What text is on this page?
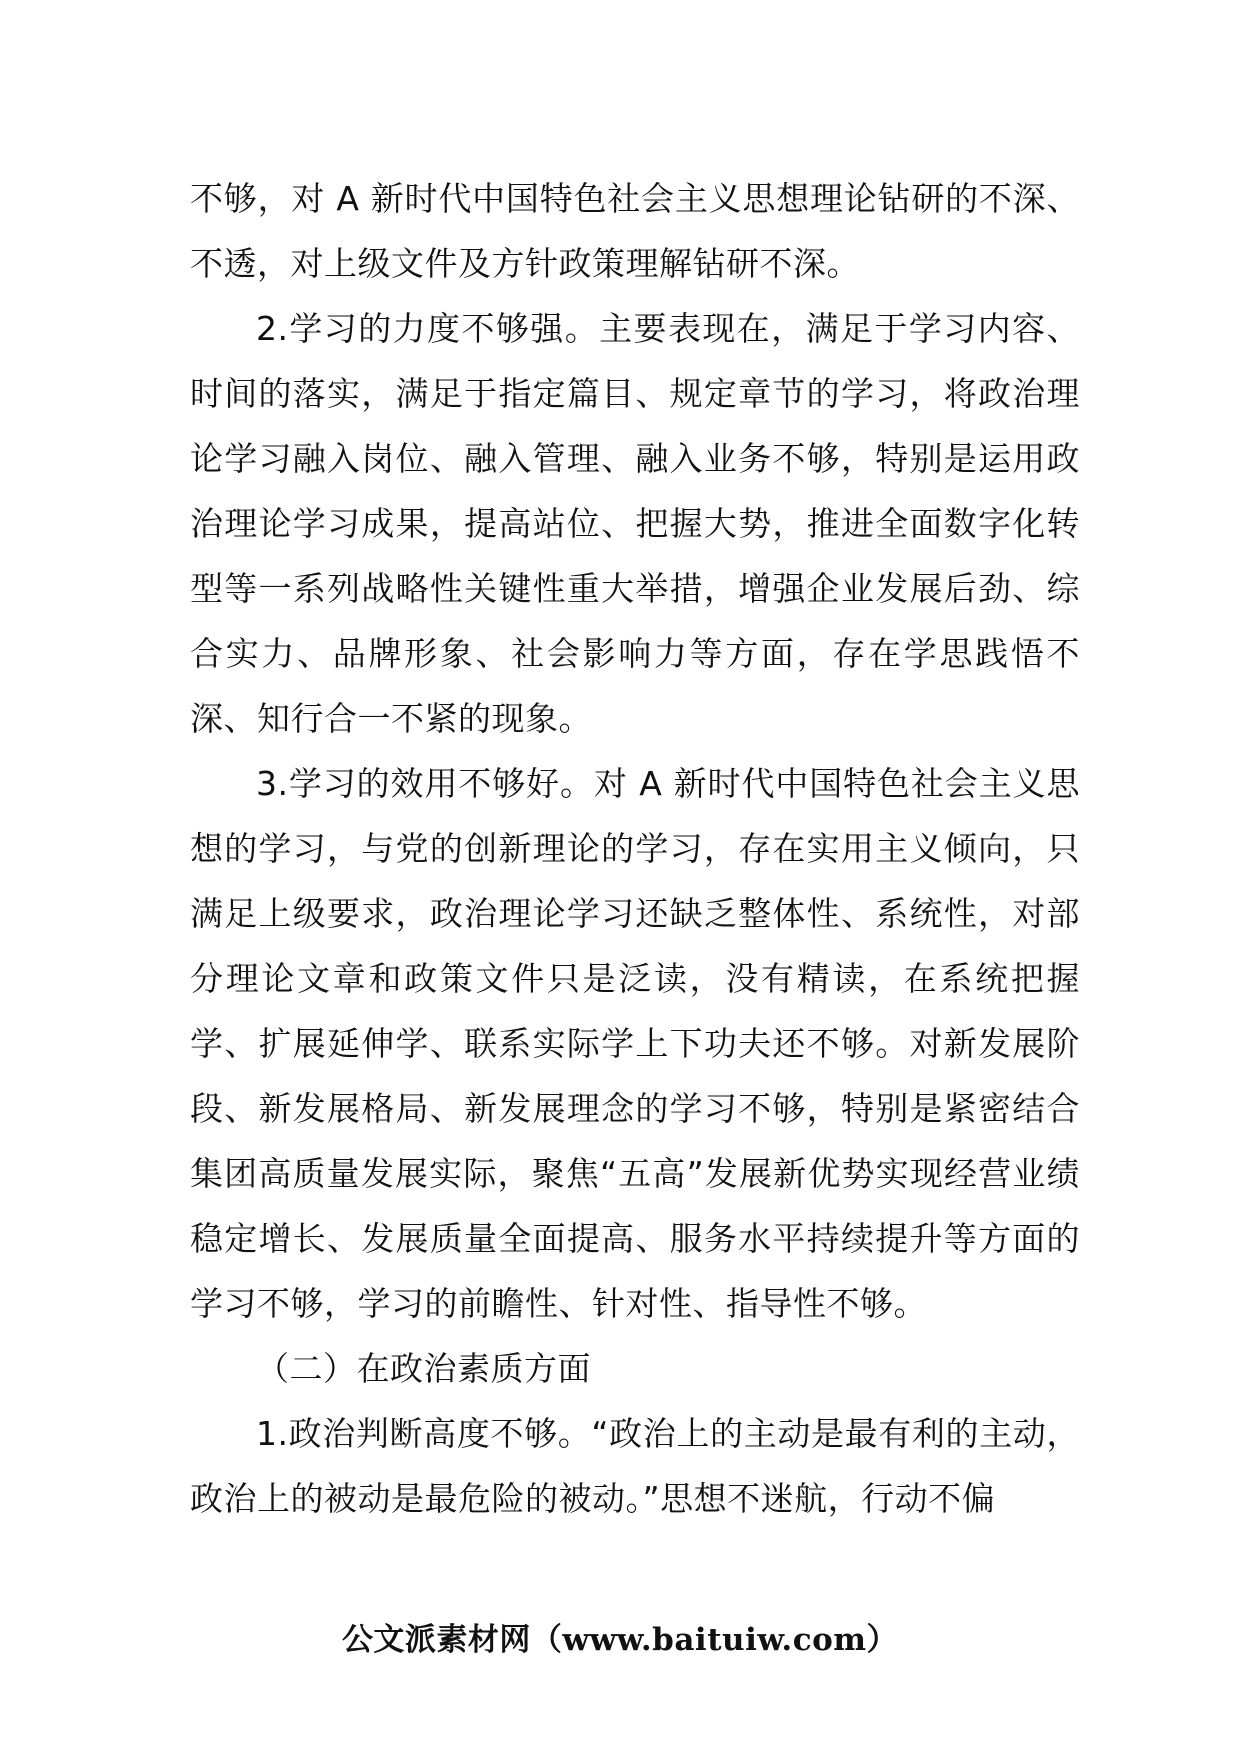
不够，对 A 新时代中国特色社会主义思想理论钻研的不深、不透，对上级文件及方针政策理解钻研不深。

2.学习的力度不够强。主要表现在，满足于学习内容、时间的落实，满足于指定篇目、规定章节的学习，将政治理论学习融入岗位、融入管理、融入业务不够，特别是运用政治理论学习成果，提高站位、把握大势，推进全面数字化转型等一系列战略性关键性重大举措，增强企业发展后劲、综合实力、品牌形象、社会影响力等方面，存在学思践悟不深、知行合一不紧的现象。

3.学习的效用不够好。对 A 新时代中国特色社会主义思想的学习，与党的创新理论的学习，存在实用主义倾向，只满足上级要求，政治理论学习还缺乏整体性、系统性，对部分理论文章和政策文件只是泛读，没有精读，在系统把握学、扩展延伸学、联系实际学上下功夫还不够。对新发展阶段、新发展格局、新发展理念的学习不够，特别是紧密结合集团高质量发展实际，聚焦“五高”发展新优势实现经营业绩稳定增长、发展质量全面提高、服务水平持续提升等方面的学习不够，学习的前瞻性、针对性、指导性不够。

（二）在政治素质方面

1.政治判断高度不够。“政治上的主动是最有利的主动，政治上的被动是最危险的被动。”思想不迷航，行动不偏

公文派素材网（www.baituiw.com）
